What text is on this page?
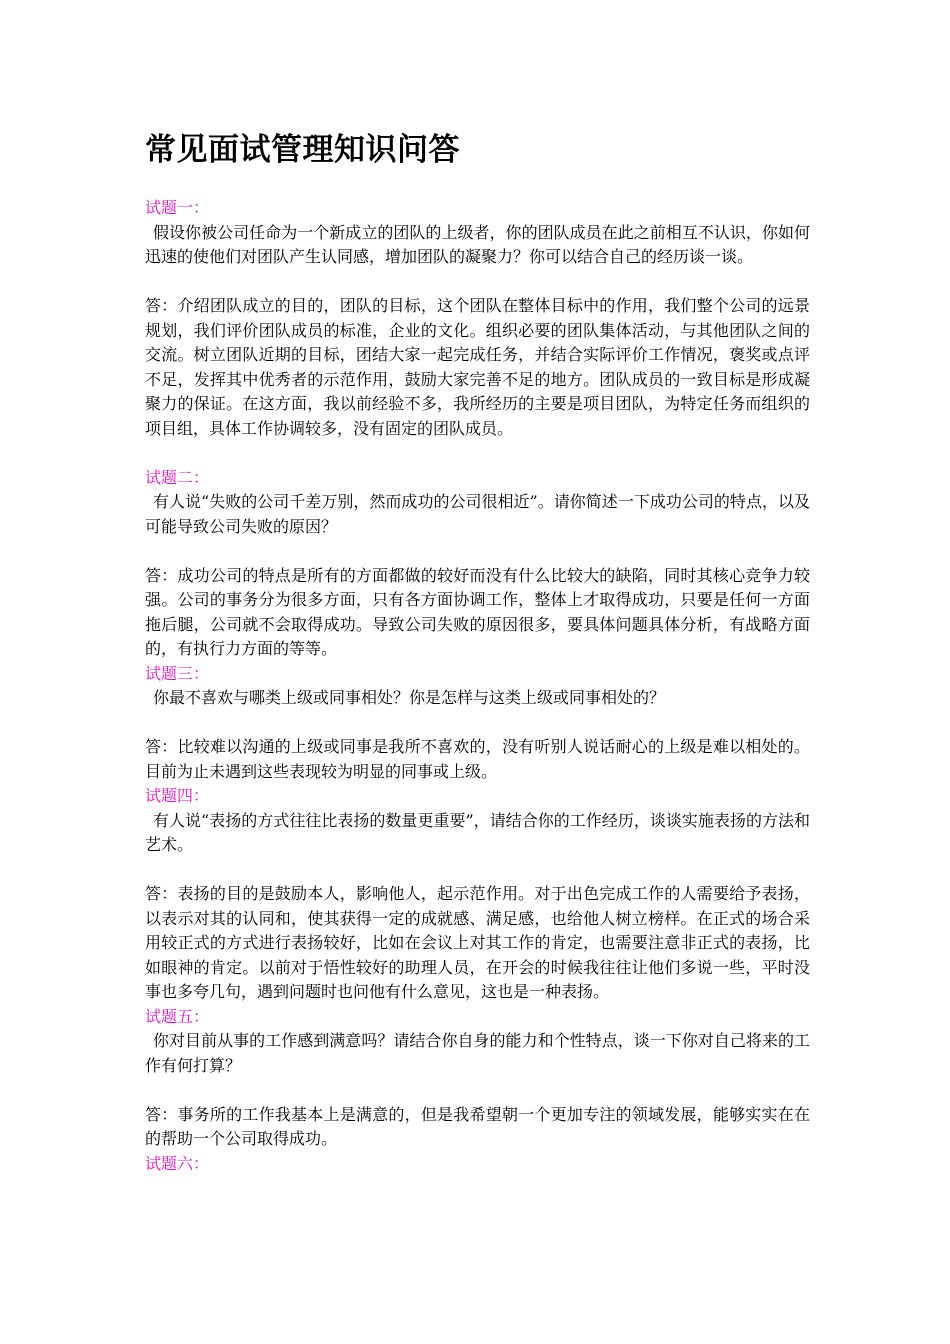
常见面试管理知识问答
试题一：
假设你被公司任命为一个新成立的团队的上级者，你的团队成员在此之前相互不认识，你如何迅速的使他们对团队产生认同感，增加团队的凝聚力？你可以结合自己的经历谈一谈。
答：介绍团队成立的目的，团队的目标，这个团队在整体目标中的作用，我们整个公司的远景规划，我们评价团队成员的标准，企业的文化。组织必要的团队集体活动，与其他团队之间的交流。树立团队近期的目标，团结大家一起完成任务，并结合实际评价工作情况，褒奖或点评不足，发挥其中优秀者的示范作用，鼓励大家完善不足的地方。团队成员的一致目标是形成凝聚力的保证。在这方面，我以前经验不多，我所经历的主要是项目团队，为特定任务而组织的项目组，具体工作协调较多，没有固定的团队成员。
试题二：
有人说“失败的公司千差万别，然而成功的公司很相近”。请你简述一下成功公司的特点，以及可能导致公司失败的原因？
答：成功公司的特点是所有的方面都做的较好而没有什么比较大的缺陷，同时其核心竞争力较强。公司的事务分为很多方面，只有各方面协调工作，整体上才取得成功，只要是任何一方面拖后腿，公司就不会取得成功。导致公司失败的原因很多，要具体问题具体分析，有战略方面的，有执行力方面的等等。
试题三：
你最不喜欢与哪类上级或同事相处？你是怎样与这类上级或同事相处的？
答：比较难以沟通的上级或同事是我所不喜欢的，没有听别人说话耐心的上级是难以相处的。目前为止未遇到这些表现较为明显的同事或上级。
试题四：
有人说“表扬的方式往往比表扬的数量更重要”，请结合你的工作经历，谈谈实施表扬的方法和艺术。
答：表扬的目的是鼓励本人，影响他人，起示范作用。对于出色完成工作的人需要给予表扬，以表示对其的认同和，使其获得一定的成就感、满足感，也给他人树立榜样。在正式的场合采用较正式的方式进行表扬较好，比如在会议上对其工作的肯定，也需要注意非正式的表扬，比如眼神的肯定。以前对于悟性较好的助理人员，在开会的时候我往往让他们多说一些，平时没事也多夸几句，遇到问题时也问他有什么意见，这也是一种表扬。
试题五：
你对目前从事的工作感到满意吗？请结合你自身的能力和个性特点，谈一下你对自己将来的工作有何打算？
答：事务所的工作我基本上是满意的，但是我希望朝一个更加专注的领域发展，能够实实在在的帮助一个公司取得成功。
试题六：
